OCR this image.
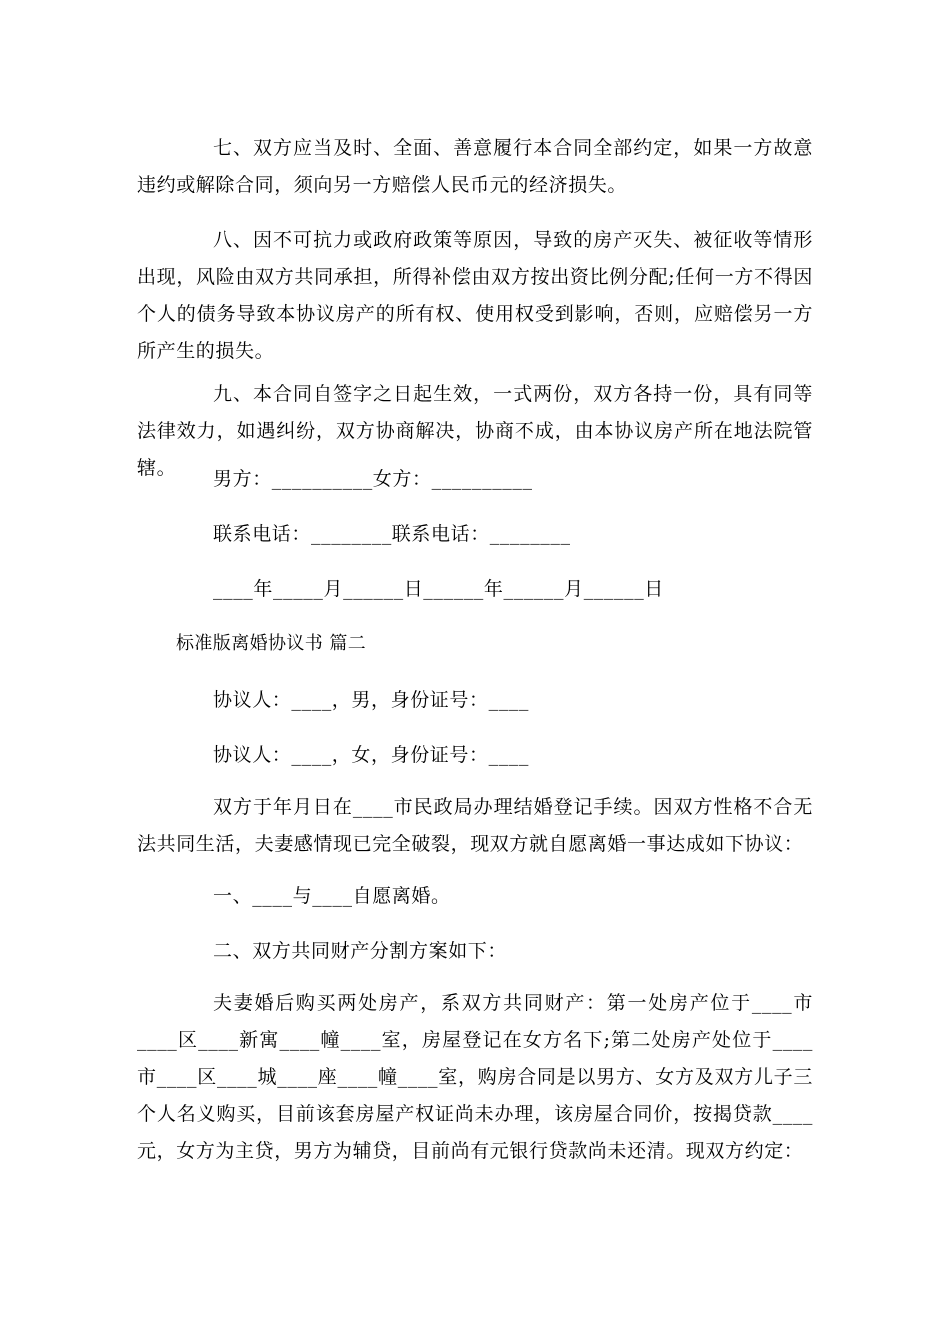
七、双方应当及时、全面、善意履行本合同全部约定，如果一方故意违约或解除合同，须向另一方赔偿人民币元的经济损失。

八、因不可抗力或政府政策等原因，导致的房产灭失、被征收等情形出现，风险由双方共同承担，所得补偿由双方按出资比例分配;任何一方不得因个人的债务导致本协议房产的所有权、使用权受到影响，否则，应赔偿另一方所产生的损失。

九、本合同自签字之日起生效，一式两份，双方各持一份，具有同等法律效力，如遇纠纷，双方协商解决，协商不成，由本协议房产所在地法院管辖。	男方：__________女方：__________

联系电话：________联系电话：________

____年_____月______日______年______月______日

标准版离婚协议书 篇二

协议人：____，男，身份证号：____

协议人：____，女，身份证号：____

双方于年月日在____市民政局办理结婚登记手续。因双方性格不合无法共同生活，夫妻感情现已完全破裂，现双方就自愿离婚一事达成如下协议：

一、____与____自愿离婚。

二、双方共同财产分割方案如下：

夫妻婚后购买两处房产，系双方共同财产：第一处房产位于____市____区____新寓____幢____室，房屋登记在女方名下;第二处房产处位于____市____区____城____座____幢____室，购房合同是以男方、女方及双方儿子三个人名义购买，目前该套房屋产权证尚未办理，该房屋合同价，按揭贷款____元，女方为主贷，男方为辅贷，目前尚有元银行贷款尚未还清。现双方约定：
